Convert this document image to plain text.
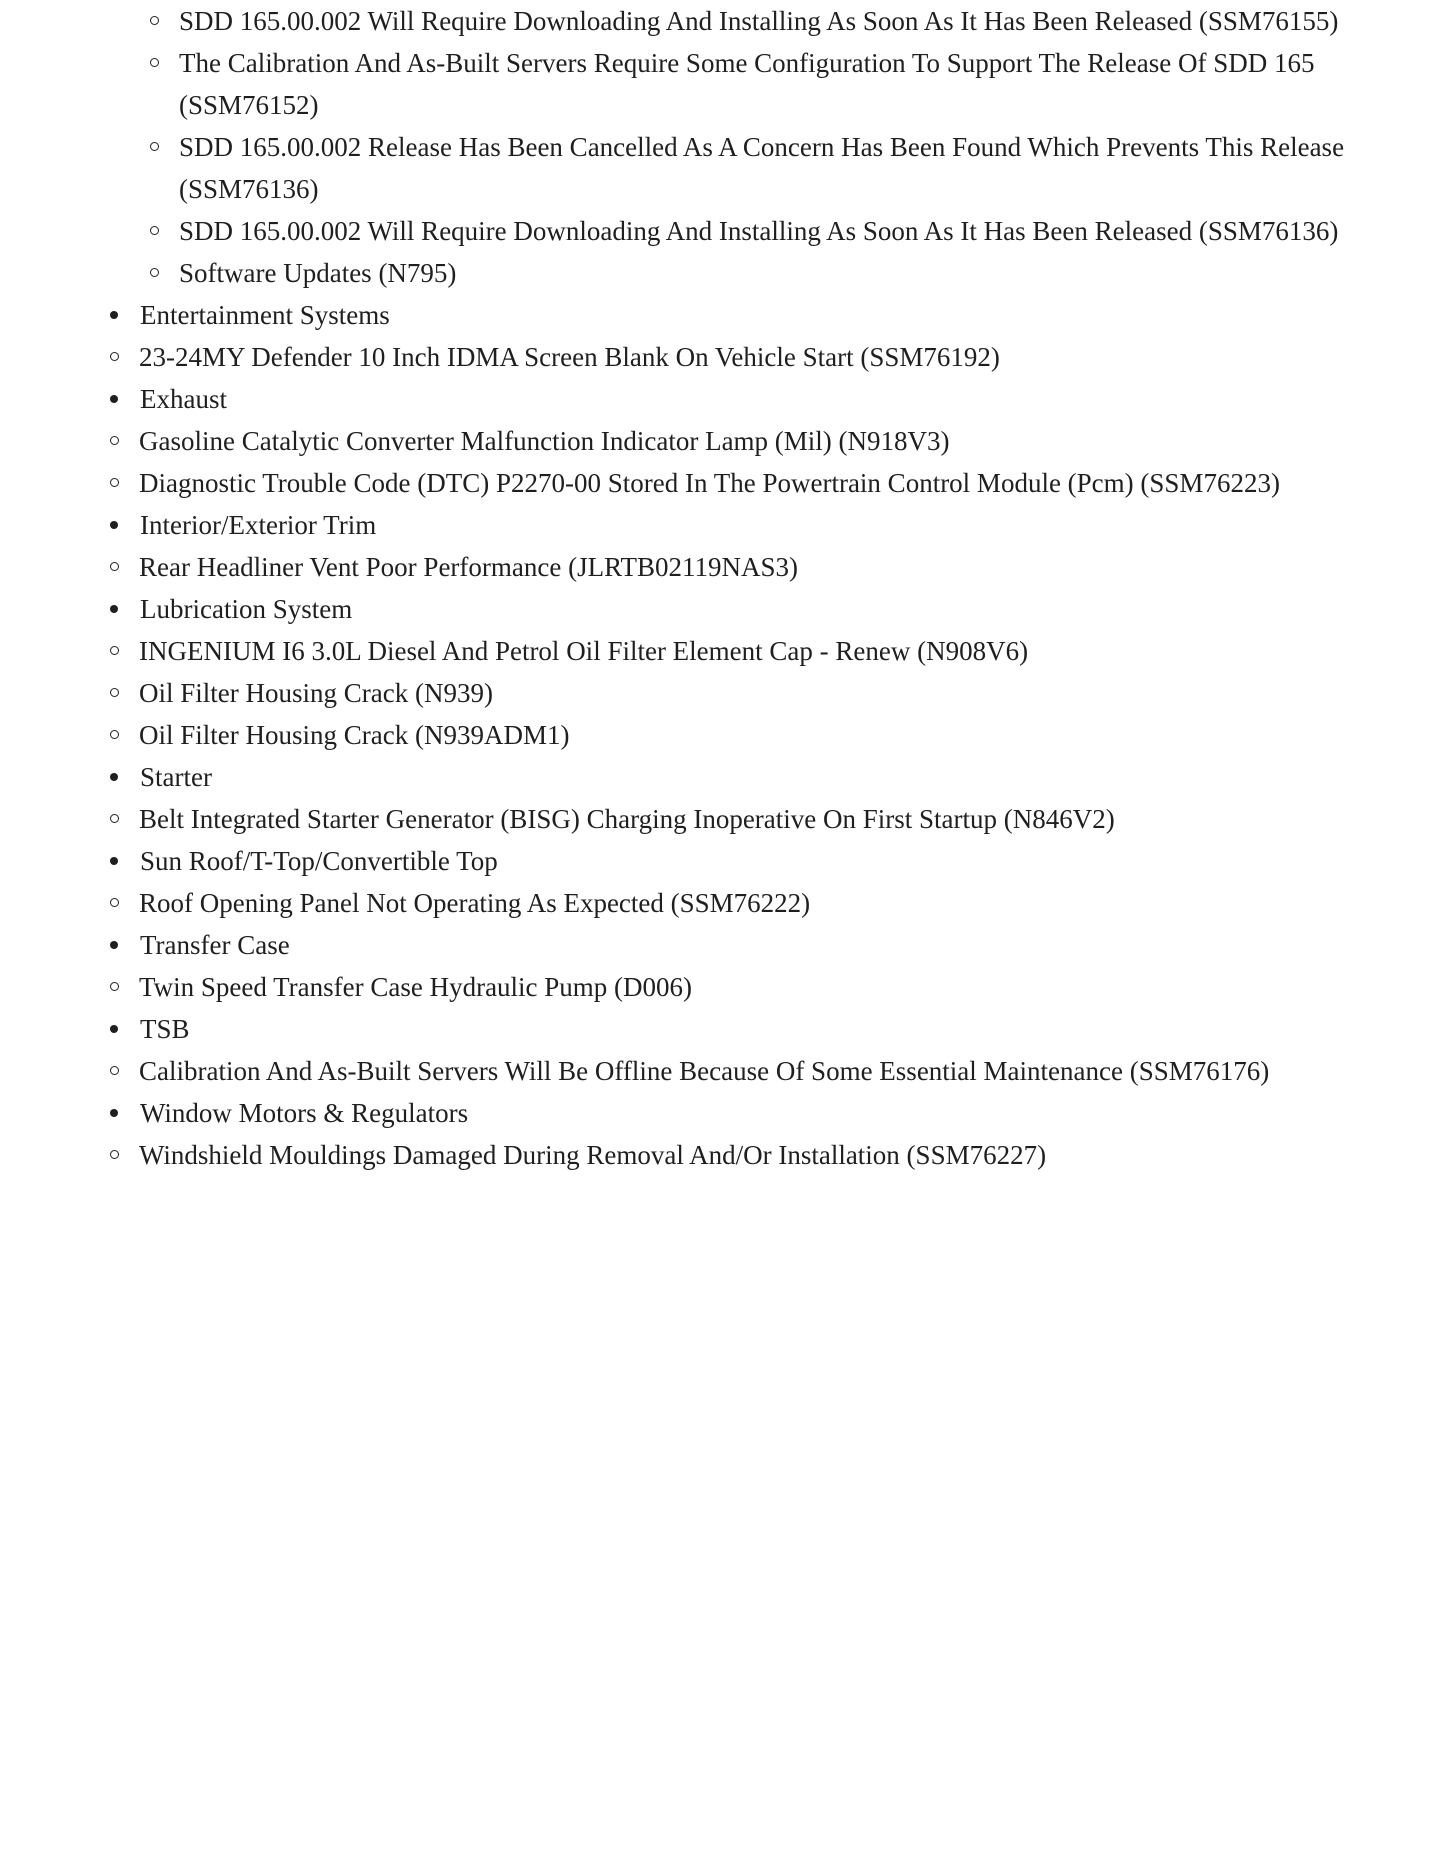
SDD 165.00.002 Will Require Downloading And Installing As Soon As It Has Been Released (SSM76155)
The Calibration And As-Built Servers Require Some Configuration To Support The Release Of SDD 165 (SSM76152)
SDD 165.00.002 Release Has Been Cancelled As A Concern Has Been Found Which Prevents This Release (SSM76136)
SDD 165.00.002 Will Require Downloading And Installing As Soon As It Has Been Released (SSM76136)
Software Updates (N795)
Entertainment Systems
23-24MY Defender 10 Inch IDMA Screen Blank On Vehicle Start (SSM76192)
Exhaust
Gasoline Catalytic Converter Malfunction Indicator Lamp (Mil) (N918V3)
Diagnostic Trouble Code (DTC) P2270-00 Stored In The Powertrain Control Module (Pcm) (SSM76223)
Interior/Exterior Trim
Rear Headliner Vent Poor Performance (JLRTB02119NAS3)
Lubrication System
INGENIUM I6 3.0L Diesel And Petrol Oil Filter Element Cap - Renew (N908V6)
Oil Filter Housing Crack (N939)
Oil Filter Housing Crack (N939ADM1)
Starter
Belt Integrated Starter Generator (BISG) Charging Inoperative On First Startup (N846V2)
Sun Roof/T-Top/Convertible Top
Roof Opening Panel Not Operating As Expected (SSM76222)
Transfer Case
Twin Speed Transfer Case Hydraulic Pump (D006)
TSB
Calibration And As-Built Servers Will Be Offline Because Of Some Essential Maintenance (SSM76176)
Window Motors & Regulators
Windshield Mouldings Damaged During Removal And/Or Installation (SSM76227)
